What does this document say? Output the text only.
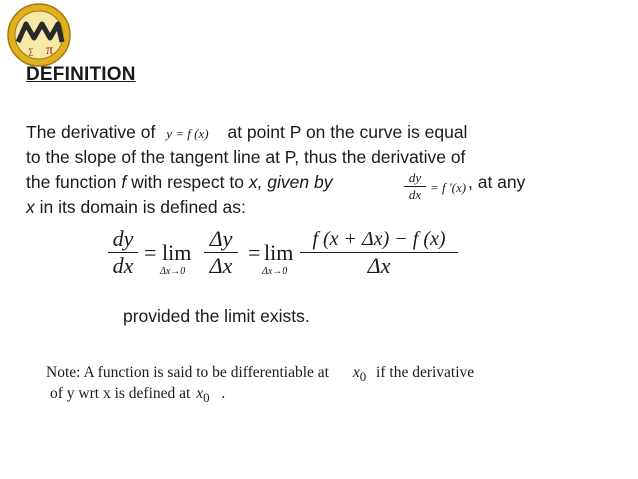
π
∑
DEFINITION
The derivative of y = f (x) at point P on the curve is equal
to the slope of the tangent line at P, thus the derivative of
the function f with respect to x, given by	dy
dx = f '(x) , at any
x in its domain is defined as:
dy
dx
= lim
Δx→0
Δy
Δx
= lim
Δx→0
f (x + Δx) − f (x)
Δx
provided the limit exists.
Note: A function is said to be differentiable at $x_0$ if the derivative
of y wrt x is defined at $x_0$ .
